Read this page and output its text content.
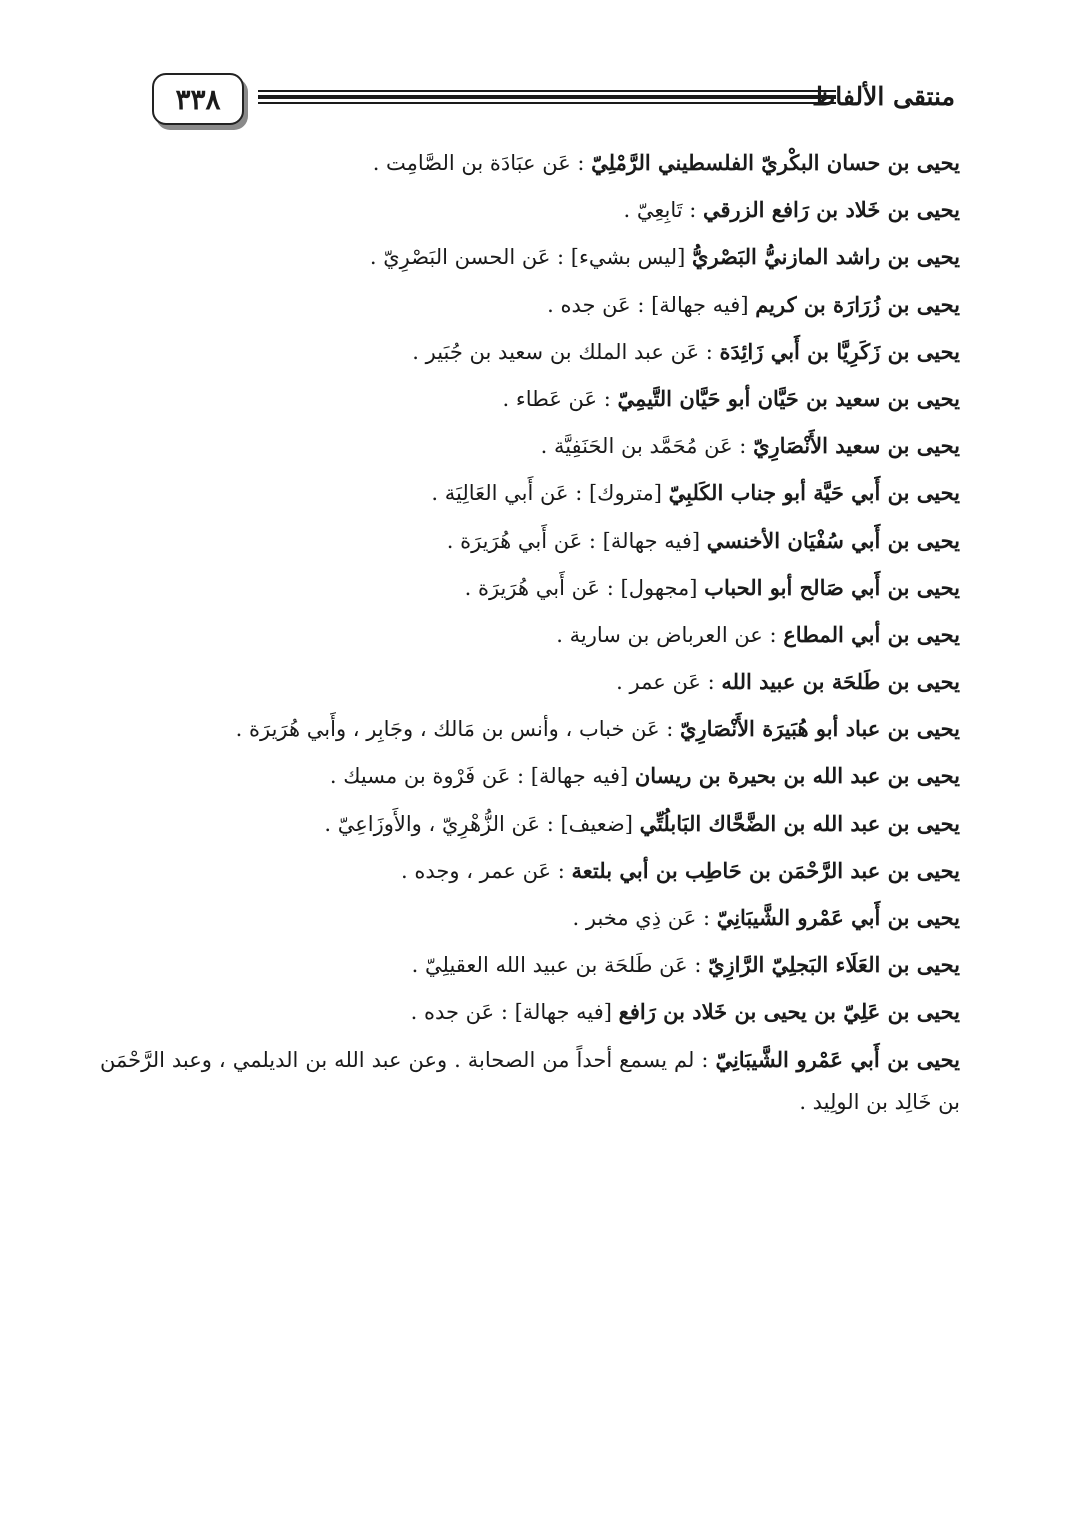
٣٣٨	منتقى الألفاظ
يحيى بن حسان البكْريّ الفلسطيني الرَّمْلِيّ : عَن عبَادَة بن الصَّامِت .
يحيى بن خَلاد بن رَافع الزرقي : تَابِعِيّ .
يحيى بن راشد المازنيُّ البَصْريُّ [ليس بشيء] : عَن الحسن البَصْرِيّ .
يحيى بن زُرَارَة بن كريم [فيه جهالة] : عَن جده .
يحيى بن زَكَرِيَّا بن أَبي زَائِدَة : عَن عبد الملك بن سعيد بن جُبَير .
يحيى بن سعيد بن حَيَّان أبو حَيَّان التَّيمِيّ : عَن عَطاء .
يحيى بن سعيد الأَنْصَارِيّ : عَن مُحَمَّد بن الحَنَفِيَّة .
يحيى بن أَبي حَيَّة أبو جناب الكَلبِيّ [متروك] : عَن أَبي العَالِيَة .
يحيى بن أَبي سُفْيَان الأخنسي [فيه جهالة] : عَن أَبي هُرَيرَة .
يحيى بن أَبي صَالح أبو الحباب [مجهول] : عَن أَبي هُرَيرَة .
يحيى بن أبي المطاع : عن العرباض بن سارية .
يحيى بن طَلحَة بن عبيد الله : عَن عمر .
يحيى بن عباد أبو هُبَيرَة الأَنْصَارِيّ : عَن خباب ، وأنس بن مَالك ، وجَابِر ، وأَبي هُرَيرَة .
يحيى بن عبد الله بن بحيرة بن ريسان [فيه جهالة] : عَن فَرْوة بن مسيك .
يحيى بن عبد الله بن الضَّحَّاك البَابلُتِّي [ضعيف] : عَن الزُّهْرِيّ ، والأَوزَاعِيّ .
يحيى بن عبد الرَّحْمَن بن حَاطِب بن أبي بلتعة : عَن عمر ، وجده .
يحيى بن أَبي عَمْرو الشَّيبَانِيّ : عَن ذِي مخبر .
يحيى بن العَلَاء البَجلِيّ الرَّازِيّ : عَن طَلحَة بن عبيد الله العقيلِيّ .
يحيى بن عَلِيّ بن يحيى بن خَلاد بن رَافع [فيه جهالة] : عَن جده .
يحيى بن أَبي عَمْرو الشَّيبَانِيّ : لم يسمع أحداً من الصحابة . وعن عبد الله بن الديلمي ، وعبد الرَّحْمَن بن خَالِد بن الولِيد .
